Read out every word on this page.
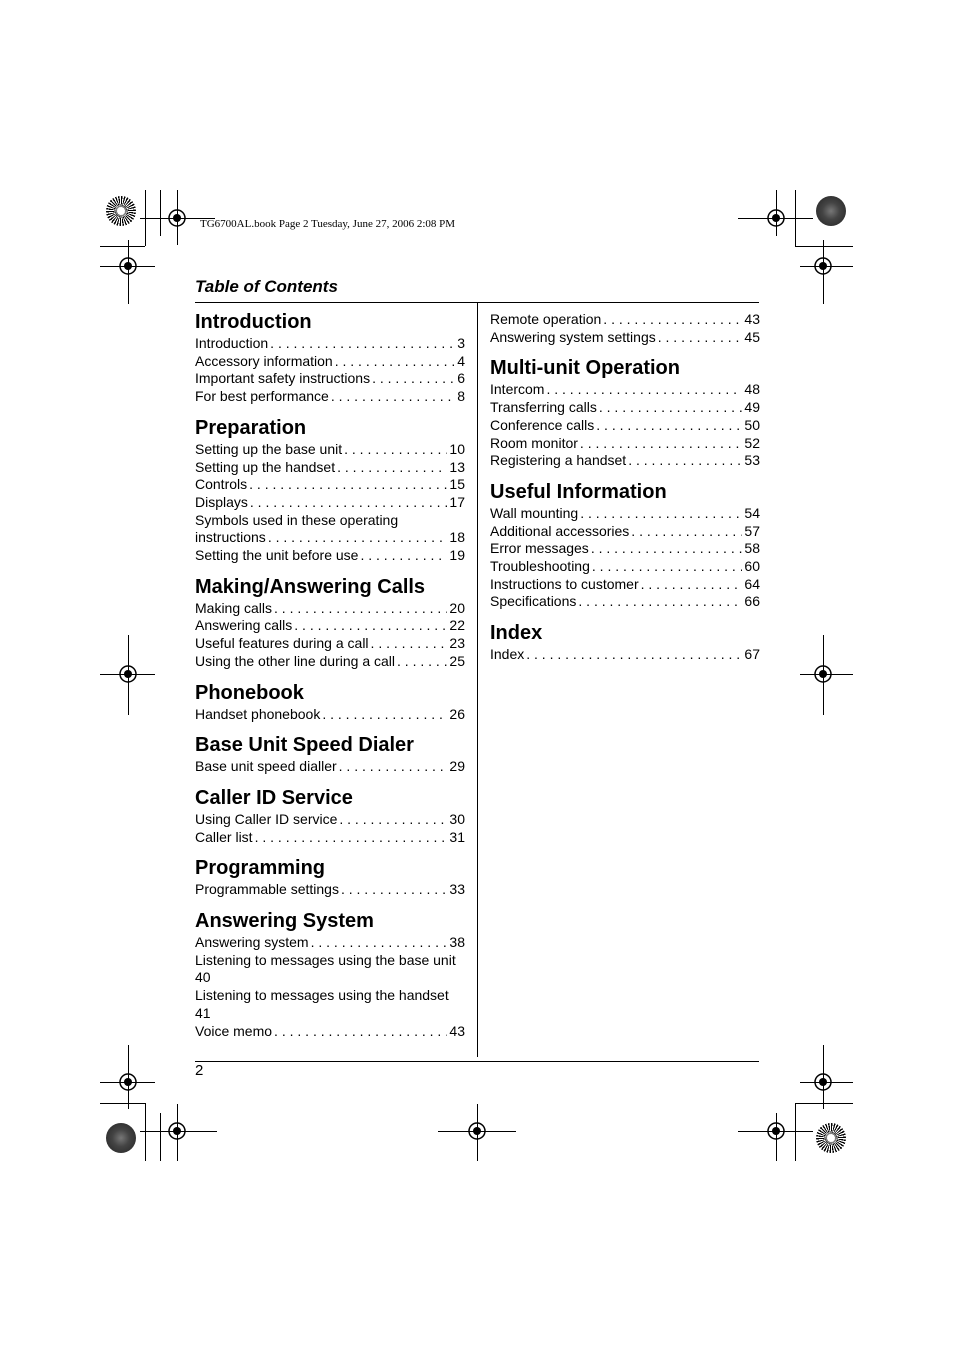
TG6700AL.book Page 2 Tuesday, June 27, 2006 2:08 PM
Table of Contents
Introduction
Introduction . . .	3
Accessory information . . .	4
Important safety instructions . . .	6
For best performance . . .	8
Preparation
Setting up the base unit . . .	10
Setting up the handset . . .	13
Controls . . .	15
Displays . . .	17
Symbols used in these operating
instructions . . .	18
Setting the unit before use . . .	19
Making/Answering Calls
Making calls . . .	20
Answering calls . . .	22
Useful features during a call . . .	23
Using the other line during a call . . .	25
Phonebook
Handset phonebook . . .	26
Base Unit Speed Dialer
Base unit speed dialler . . .	29
Caller ID Service
Using Caller ID service . . .	30
Caller list . . .	31
Programming
Programmable settings . . .	33
Answering System
Answering system . . .	38
Listening to messages using the base unit
40
Listening to messages using the handset
41
Voice memo . . .	43
Remote operation . . .	43
Answering system settings . . .	45
Multi-unit Operation
Intercom . . .	48
Transferring calls . . .	49
Conference calls . . .	50
Room monitor . . .	52
Registering a handset . . .	53
Useful Information
Wall mounting . . .	54
Additional accessories . . .	57
Error messages . . .	58
Troubleshooting . . .	60
Instructions to customer . . .	64
Specifications . . .	66
Index
Index . . .	67
2
